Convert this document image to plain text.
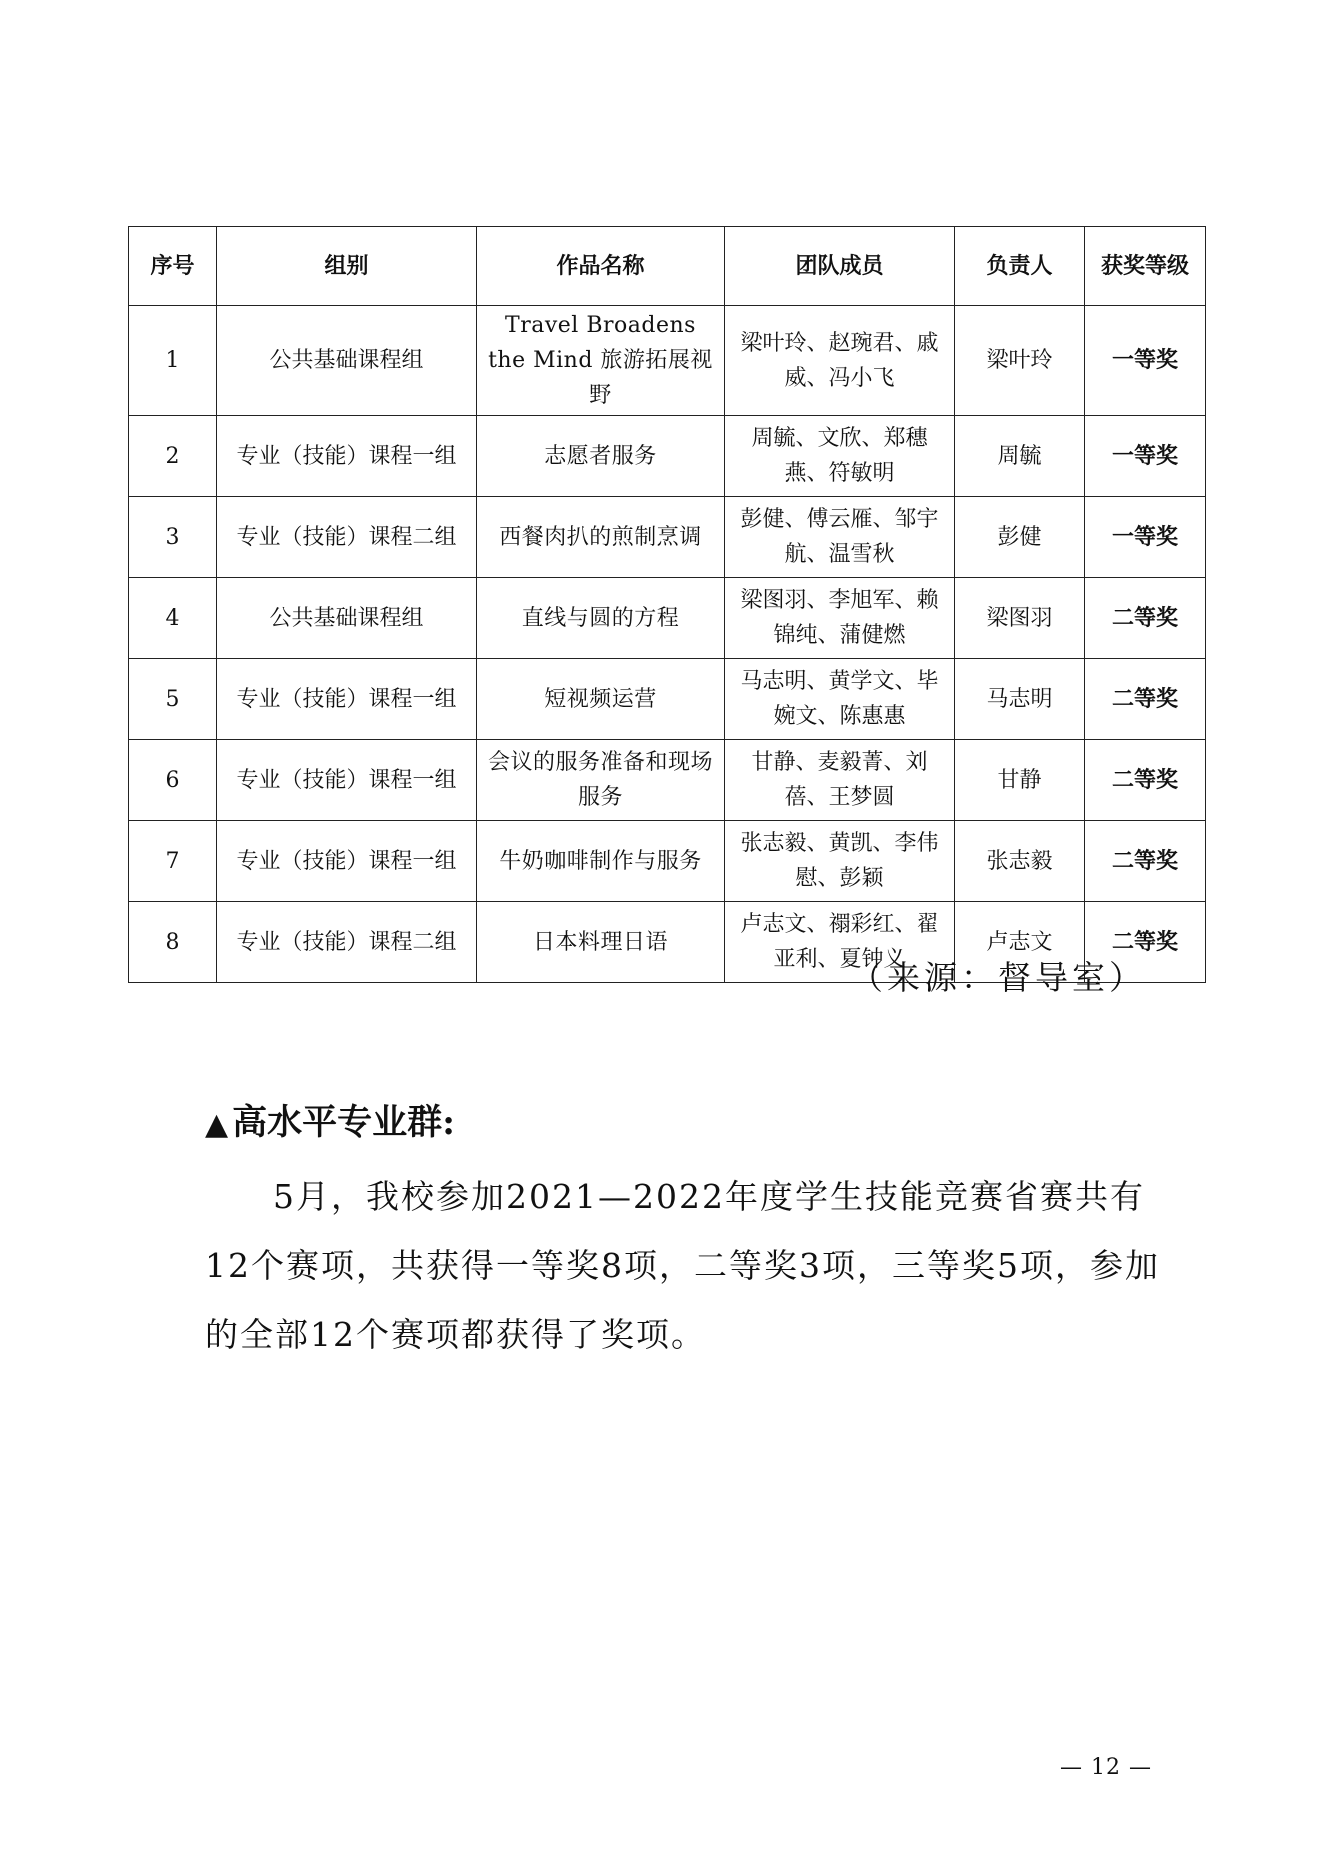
序号	组别	作品名称	团队成员	负责人	获奖等级
1	公共基础课程组	Travel Broadens the Mind 旅游拓展视野	梁叶玲、赵琬君、戚威、冯小飞	梁叶玲	一等奖
2	专业（技能）课程一组	志愿者服务	周毓、文欣、郑穗燕、符敏明	周毓	一等奖
3	专业（技能）课程二组	西餐肉扒的煎制烹调	彭健、傅云雁、邹宇航、温雪秋	彭健	一等奖
4	公共基础课程组	直线与圆的方程	梁图羽、李旭军、赖锦纯、蒲健燃	梁图羽	二等奖
5	专业（技能）课程一组	短视频运营	马志明、黄学文、毕婉文、陈惠惠	马志明	二等奖
6	专业（技能）课程一组	会议的服务准备和现场服务	甘静、麦毅菁、刘蓓、王梦圆	甘静	二等奖
7	专业（技能）课程一组	牛奶咖啡制作与服务	张志毅、黄凯、李伟慰、彭颖	张志毅	二等奖
8	专业（技能）课程二组	日本料理日语	卢志文、禤彩红、翟亚利、夏钟义	卢志文	二等奖
（来源：督导室）
▲ 高水平专业群:

5月，我校参加2021—2022年度学生技能竞赛省赛共有12个赛项，共获得一等奖8项，二等奖3项，三等奖5项，参加的全部12个赛项都获得了奖项。

— 12 —
